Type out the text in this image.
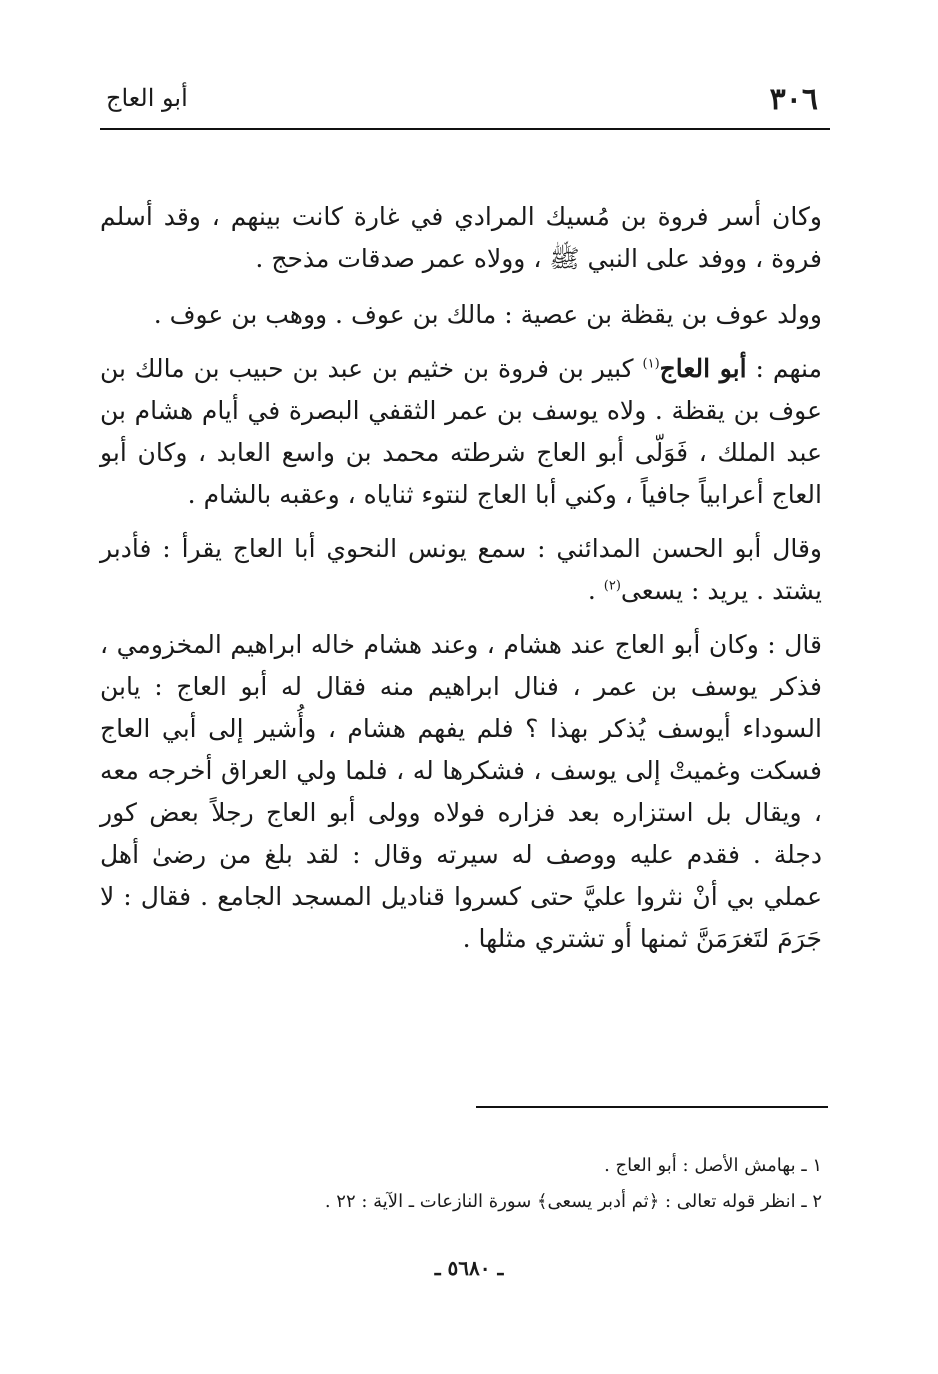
٣٠٦
أبو العاج

وكان أسر فروة بن مُسيك المرادي في غارة كانت بينهم ، وقد أسلم فروة ، ووفد على النبي ﷺ ، وولاه عمر صدقات مذحج .

وولد عوف بن يقظة بن عصية : مالك بن عوف . ووهب بن عوف .

منهم : أبو العاج$^{(١)}$ كبير بن فروة بن خثيم بن عبد بن حبيب بن مالك بن عوف بن يقظة . ولاه يوسف بن عمر الثقفي البصرة في أيام هشام بن عبد الملك ، فَوَلّى أبو العاج شرطته محمد بن واسع العابد ، وكان أبو العاج أعرابياً جافياً ، وكني أبا العاج لنتوء ثناياه ، وعقبه بالشام .

وقال أبو الحسن المدائني : سمع يونس النحوي أبا العاج يقرأ : فأدبر يشتد . يريد : يسعى$^{(٢)}$ .

قال : وكان أبو العاج عند هشام ، وعند هشام خاله ابراهيم المخزومي ، فذكر يوسف بن عمر ، فنال ابراهيم منه فقال له أبو العاج : يابن السوداء أيوسف يُذكر بهذا ؟ فلم يفهم هشام ، وأُشير إلى أبي العاج فسكت وغميتْ إلى يوسف ، فشكرها له ، فلما ولي العراق أخرجه معه ، ويقال بل استزاره بعد فزاره فولاه وولى أبو العاج رجلاً بعض كور دجلة . فقدم عليه ووصف له سيرته وقال : لقد بلغ من رضىٰ أهل عملي بي أنْ نثروا عليَّ حتى كسروا قناديل المسجد الجامع . فقال : لا جَرَمَ لتَغرَمَنَّ ثمنها أو تشتري مثلها .

١ ـ بهامش الأصل : أبو العاج .

٢ ـ انظر قوله تعالى : ﴿ثم أدبر يسعى﴾ سورة النازعات ـ الآية : ٢٢ .

ـ ٥٦٨٠ ـ
